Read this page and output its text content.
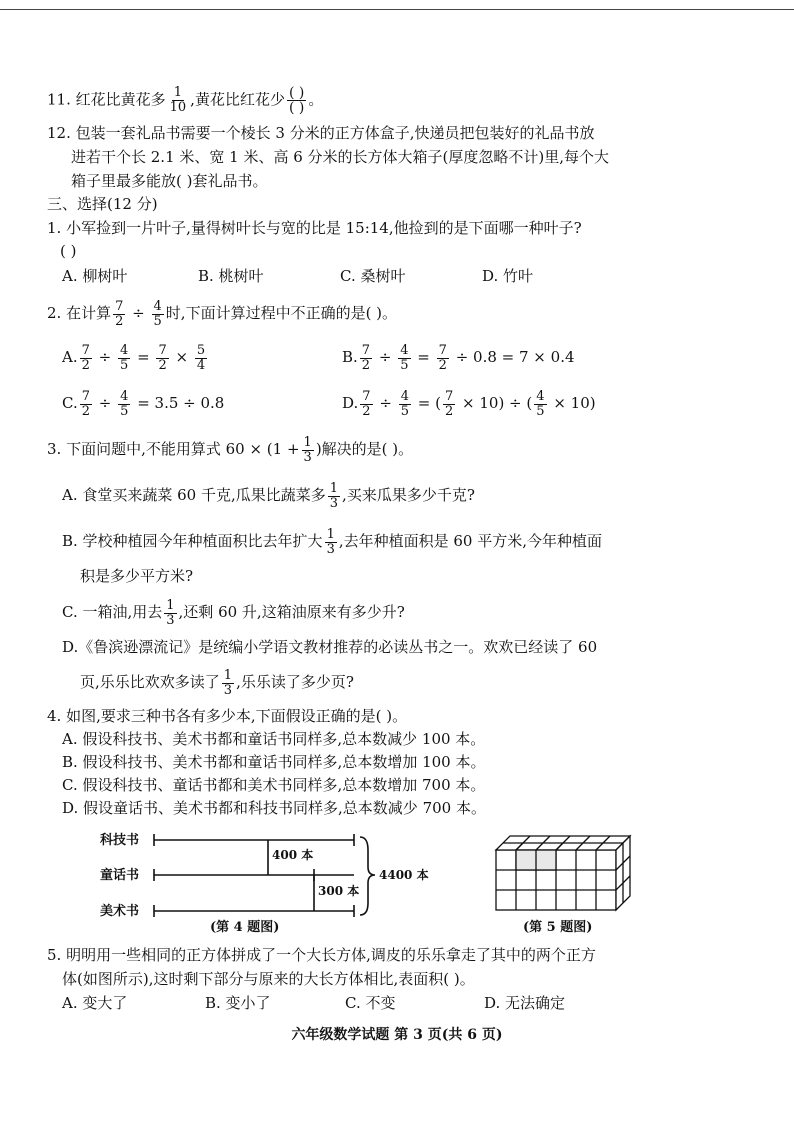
11. 红花比黄花多 $\frac{1}{10}$ ,黄花比红花少 $\frac{( )}{( )}$ 。
12. 包装一套礼品书需要一个棱长 3 分米的正方体盒子,快递员把包装好的礼品书放
进若干个长 2.1 米、宽 1 米、高 6 分米的长方体大箱子(厚度忽略不计)里,每个大
箱子里最多能放( )套礼品书。
三、选择(12 分)
1. 小军捡到一片叶子,量得树叶长与宽的比是 15:14,他捡到的是下面哪一种叶子?
( )
A. 柳树叶	B. 桃树叶	C. 桑树叶	D. 竹叶
2. 在计算 $\frac{7}{2} \div \frac{4}{5}$ 时,下面计算过程中不正确的是( )。
A. $\frac{7}{2} \div \frac{4}{5} = \frac{7}{2} \times \frac{5}{4}$	B. $\frac{7}{2} \div \frac{4}{5} = \frac{7}{2} \div 0.8 = 7 \times 0.4$
C. $\frac{7}{2} \div \frac{4}{5} = 3.5 \div 0.8$	D. $\frac{7}{2} \div \frac{4}{5}$ = ( $\frac{7}{2} \times 10$) ÷ ( $\frac{4}{5} \times 10$)
3. 下面问题中,不能用算式 $60 \times (1 + \frac{1}{3}$ )解决的是( )。
A. 食堂买来蔬菜 60 千克,瓜果比蔬菜多 $\frac{1}{3}$ ,买来瓜果多少千克?
B. 学校种植园今年种植面积比去年扩大 $\frac{1}{3}$ ,去年种植面积是 60 平方米,今年种植面
积是多少平方米?
C. 一箱油,用去 $\frac{1}{3}$ ,还剩 60 升,这箱油原来有多少升?
D.《鲁滨逊漂流记》是统编小学语文教材推荐的必读丛书之一。欢欢已经读了 60
页,乐乐比欢欢多读了 $\frac{1}{3}$ ,乐乐读了多少页?
4. 如图,要求三种书各有多少本,下面假设正确的是( )。
A. 假设科技书、美术书都和童话书同样多,总本数减少 100 本。
B. 假设科技书、美术书都和童话书同样多,总本数增加 100 本。
C. 假设科技书、童话书都和美术书同样多,总本数增加 700 本。
D. 假设童话书、美术书都和科技书同样多,总本数减少 700 本。
科技书
童话书
美术书
400 本
300 本
4400 本
(第 4 题图)	(第 5 题图)
5. 明明用一些相同的正方体拼成了一个大长方体,调皮的乐乐拿走了其中的两个正方
体(如图所示),这时剩下部分与原来的大长方体相比,表面积( )。
A. 变大了	B. 变小了	C. 不变	D. 无法确定
六年级数学试题 第 3 页(共 6 页)
